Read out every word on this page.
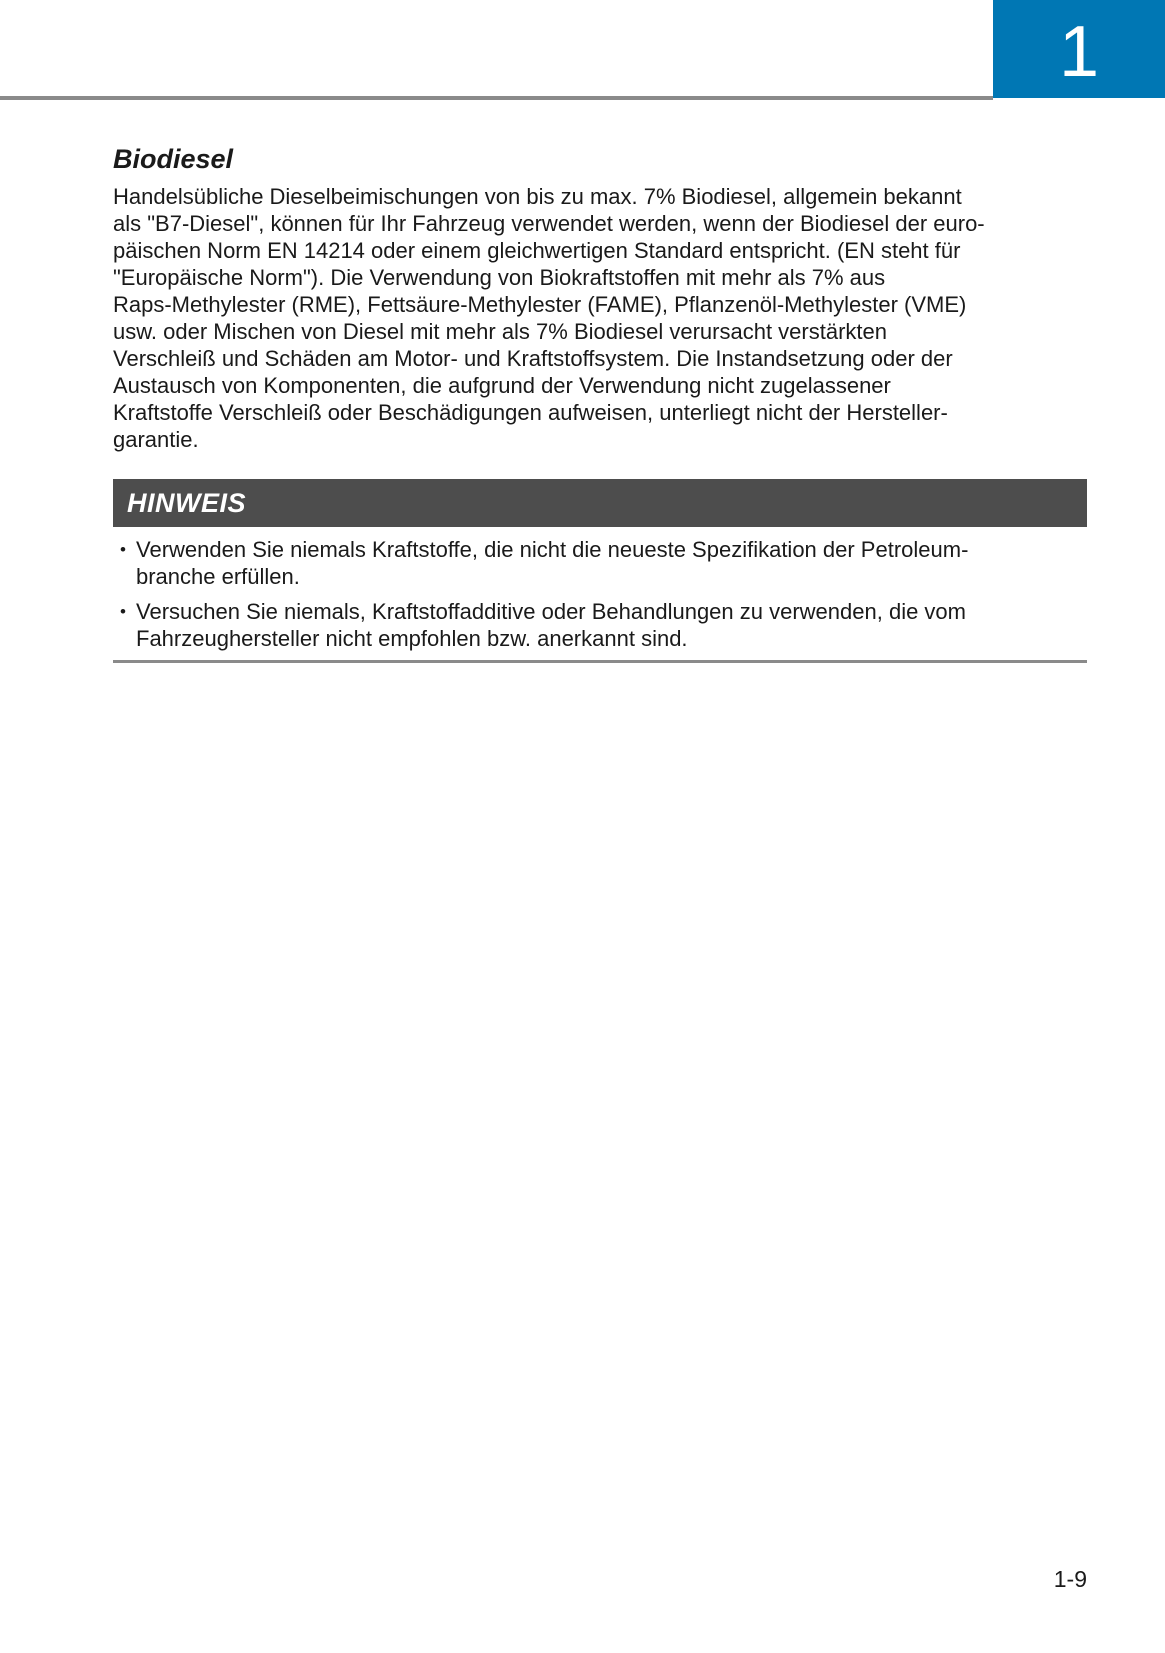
1
Biodiesel

Handelsübliche Dieselbeimischungen von bis zu max. 7% Biodiesel, allgemein bekannt
als "B7-Diesel", können für Ihr Fahrzeug verwendet werden, wenn der Biodiesel der euro-
päischen Norm EN 14214 oder einem gleichwertigen Standard entspricht. (EN steht für
"Europäische Norm"). Die Verwendung von Biokraftstoffen mit mehr als 7% aus
Raps-Methylester (RME), Fettsäure-Methylester (FAME), Pflanzenöl-Methylester (VME)
usw. oder Mischen von Diesel mit mehr als 7% Biodiesel verursacht verstärkten
Verschleiß und Schäden am Motor- und Kraftstoffsystem. Die Instandsetzung oder der
Austausch von Komponenten, die aufgrund der Verwendung nicht zugelassener
Kraftstoffe Verschleiß oder Beschädigungen aufweisen, unterliegt nicht der Hersteller-
garantie.

HINWEIS
• Verwenden Sie niemals Kraftstoffe, die nicht die neueste Spezifikation der Petroleum-
branche erfüllen.
• Versuchen Sie niemals, Kraftstoffadditive oder Behandlungen zu verwenden, die vom
Fahrzeughersteller nicht empfohlen bzw. anerkannt sind.
1-9
